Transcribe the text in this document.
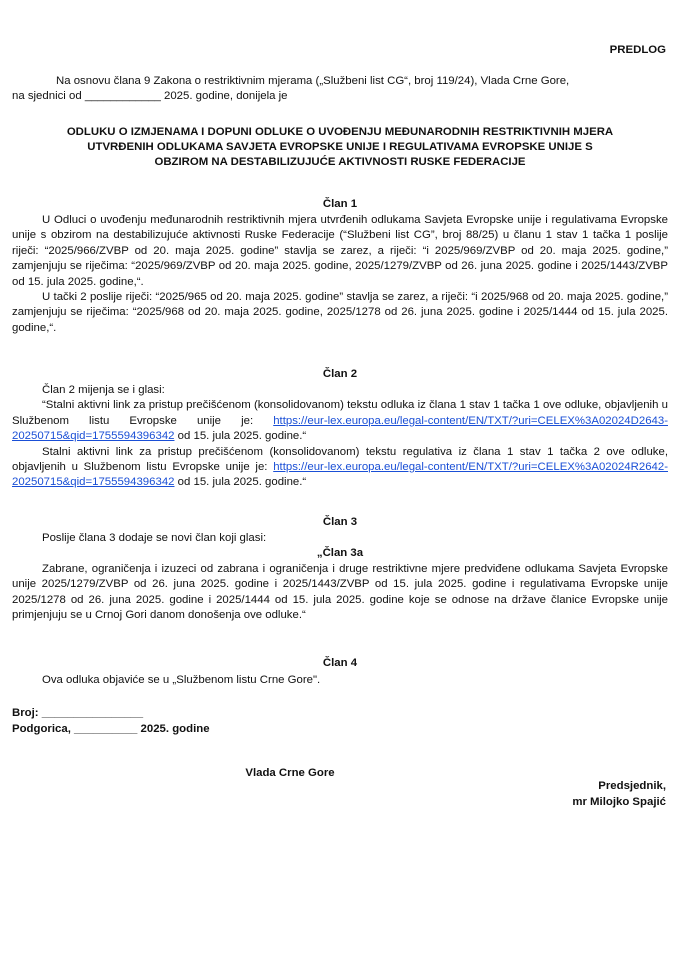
PREDLOG
Na osnovu člana 9 Zakona o restriktivnim mjerama („Službeni list CG“, broj 119/24), Vlada Crne Gore,
na sjednici od ____________ 2025. godine, donijela je
ODLUKU O IZMJENAMA I DOPUNI ODLUKE O UVOĐENJU MEĐUNARODNIH RESTRIKTIVNIH MJERA
UTVRĐENIH ODLUKAMA SAVJETA EVROPSKE UNIJE I REGULATIVAMA EVROPSKE UNIJE S
OBZIROM NA DESTABILIZUJUĆE AKTIVNOSTI RUSKE FEDERACIJE
Član 1
U Odluci o uvođenju međunarodnih restriktivnih mjera utvrđenih odlukama Savjeta Evropske unije i regulativama Evropske unije s obzirom na destabilizujuće aktivnosti Ruske Federacije (“Službeni list CG”, broj 88/25) u članu 1 stav 1 tačka 1 poslije riječi: “2025/966/ZVBP od 20. maja 2025. godine” stavlja se zarez, a riječi: “i 2025/969/ZVBP od 20. maja 2025. godine,” zamjenjuju se riječima: “2025/969/ZVBP od 20. maja 2025. godine, 2025/1279/ZVBP od 26. juna 2025. godine i 2025/1443/ZVBP od 15. jula 2025. godine,“.
U tački 2 poslije riječi: “2025/965 od 20. maja 2025. godine” stavlja se zarez, a riječi: “i 2025/968 od 20. maja 2025. godine,” zamjenjuju se riječima: “2025/968 od 20. maja 2025. godine, 2025/1278 od 26. juna 2025. godine i 2025/1444 od 15. jula 2025. godine,“.
Član 2
Član 2 mijenja se i glasi:
“Stalni aktivni link za pristup prečišćenom (konsolidovanom) tekstu odluka iz člana 1 stav 1 tačka 1 ove odluke, objavljenih u Službenom listu Evropske unije je: https://eur-lex.europa.eu/legal-content/EN/TXT/?uri=CELEX%3A02024D2643-20250715&qid=1755594396342 od 15. jula 2025. godine.“
Stalni aktivni link za pristup prečišćenom (konsolidovanom) tekstu regulativa iz člana 1 stav 1 tačka 2 ove odluke, objavljenih u Službenom listu Evropske unije je: https://eur-lex.europa.eu/legal-content/EN/TXT/?uri=CELEX%3A02024R2642-20250715&qid=1755594396342 od 15. jula 2025. godine.“
Član 3
Poslije člana 3 dodaje se novi član koji glasi:
„Član 3a
Zabrane, ograničenja i izuzeci od zabrana i ograničenja i druge restriktivne mjere predviđene odlukama Savjeta Evropske unije 2025/1279/ZVBP od 26. juna 2025. godine i 2025/1443/ZVBP od 15. jula 2025. godine i regulativama Evropske unije 2025/1278 od 26. juna 2025. godine i 2025/1444 od 15. jula 2025. godine koje se odnose na države članice Evropske unije primjenjuju se u Crnoj Gori danom donošenja ove odluke.“
Član 4
Ova odluka objaviće se u „Službenom listu Crne Gore".
Broj: ________________
Podgorica, __________ 2025. godine
Vlada Crne Gore
Predsjednik,
mr Milojko Spajić
